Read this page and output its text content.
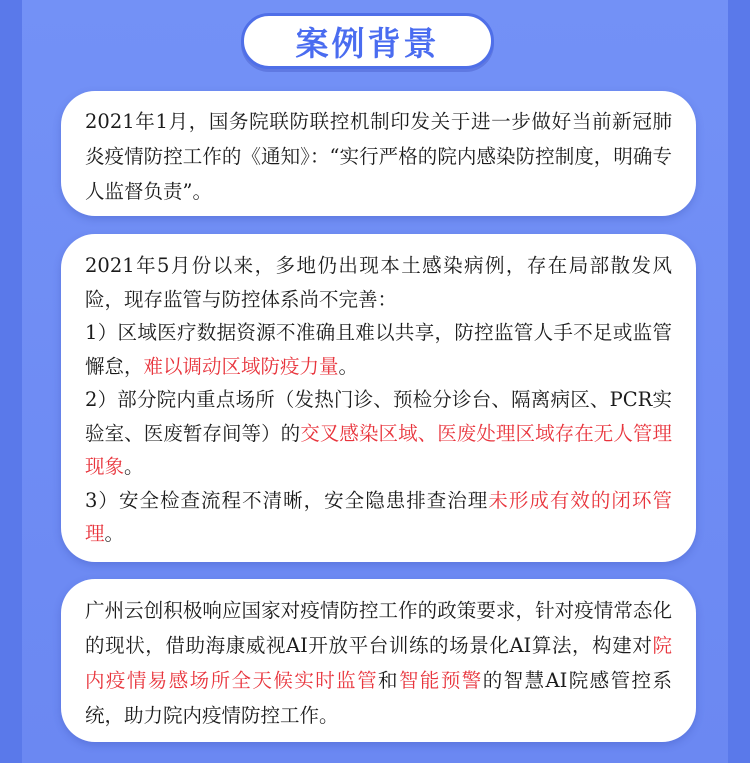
案例背景

2021年1月，国务院联防联控机制印发关于进一步做好当前新冠肺炎疫情防控工作的《通知》：“实行严格的院内感染防控制度，明确专人监督负责”。

2021年5月份以来，多地仍出现本土感染病例，存在局部散发风险，现存监管与防控体系尚不完善：
1）区域医疗数据资源不准确且难以共享，防控监管人手不足或监管懈怠，难以调动区域防疫力量。
2）部分院内重点场所（发热门诊、预检分诊台、隔离病区、PCR实验室、医废暂存间等）的交叉感染区域、医废处理区域存在无人管理现象。
3）安全检查流程不清晰，安全隐患排查治理未形成有效的闭环管理。

广州云创积极响应国家对疫情防控工作的政策要求，针对疫情常态化的现状，借助海康威视AI开放平台训练的场景化AI算法，构建对院内疫情易感场所全天候实时监管和智能预警的智慧AI院感管控系统，助力院内疫情防控工作。
